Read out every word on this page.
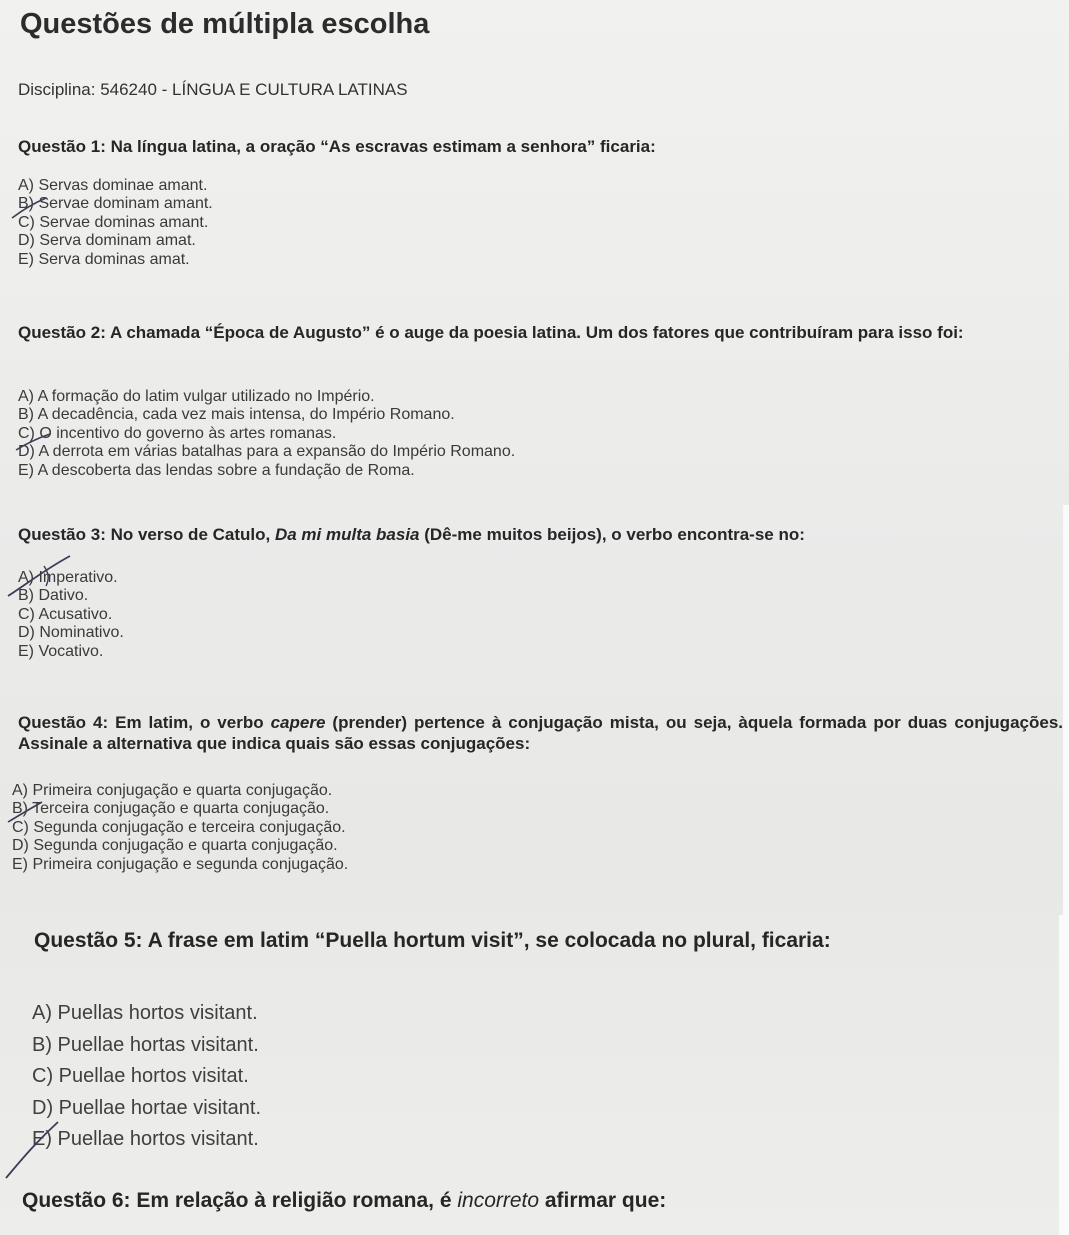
Questões de múltipla escolha
Disciplina: 546240 - LÍNGUA E CULTURA LATINAS
Questão 1: Na língua latina, a oração “As escravas estimam a senhora” ficaria:
A) Servas dominae amant.
B) Servae dominam amant.
C) Servae dominas amant.
D) Serva dominam amat.
E) Serva dominas amat.
Questão 2: A chamada “Época de Augusto” é o auge da poesia latina. Um dos fatores que contribuíram para isso foi:
A) A formação do latim vulgar utilizado no Império.
B) A decadência, cada vez mais intensa, do Império Romano.
C) O incentivo do governo às artes romanas.
D) A derrota em várias batalhas para a expansão do Império Romano.
E) A descoberta das lendas sobre a fundação de Roma.
Questão 3: No verso de Catulo, Da mi multa basia (Dê-me muitos beijos), o verbo encontra-se no:
A) Imperativo.
B) Dativo.
C) Acusativo.
D) Nominativo.
E) Vocativo.
Questão 4: Em latim, o verbo capere (prender) pertence à conjugação mista, ou seja, àquela formada por duas conjugações. Assinale a alternativa que indica quais são essas conjugações:
A) Primeira conjugação e quarta conjugação.
B) Terceira conjugação e quarta conjugação.
C) Segunda conjugação e terceira conjugação.
D) Segunda conjugação e quarta conjugação.
E) Primeira conjugação e segunda conjugação.
Questão 5: A frase em latim “Puella hortum visit”, se colocada no plural, ficaria:
A) Puellas hortos visitant.
B) Puellae hortas visitant.
C) Puellae hortos visitat.
D) Puellae hortae visitant.
E) Puellae hortos visitant.
Questão 6: Em relação à religião romana, é incorreto afirmar que:
